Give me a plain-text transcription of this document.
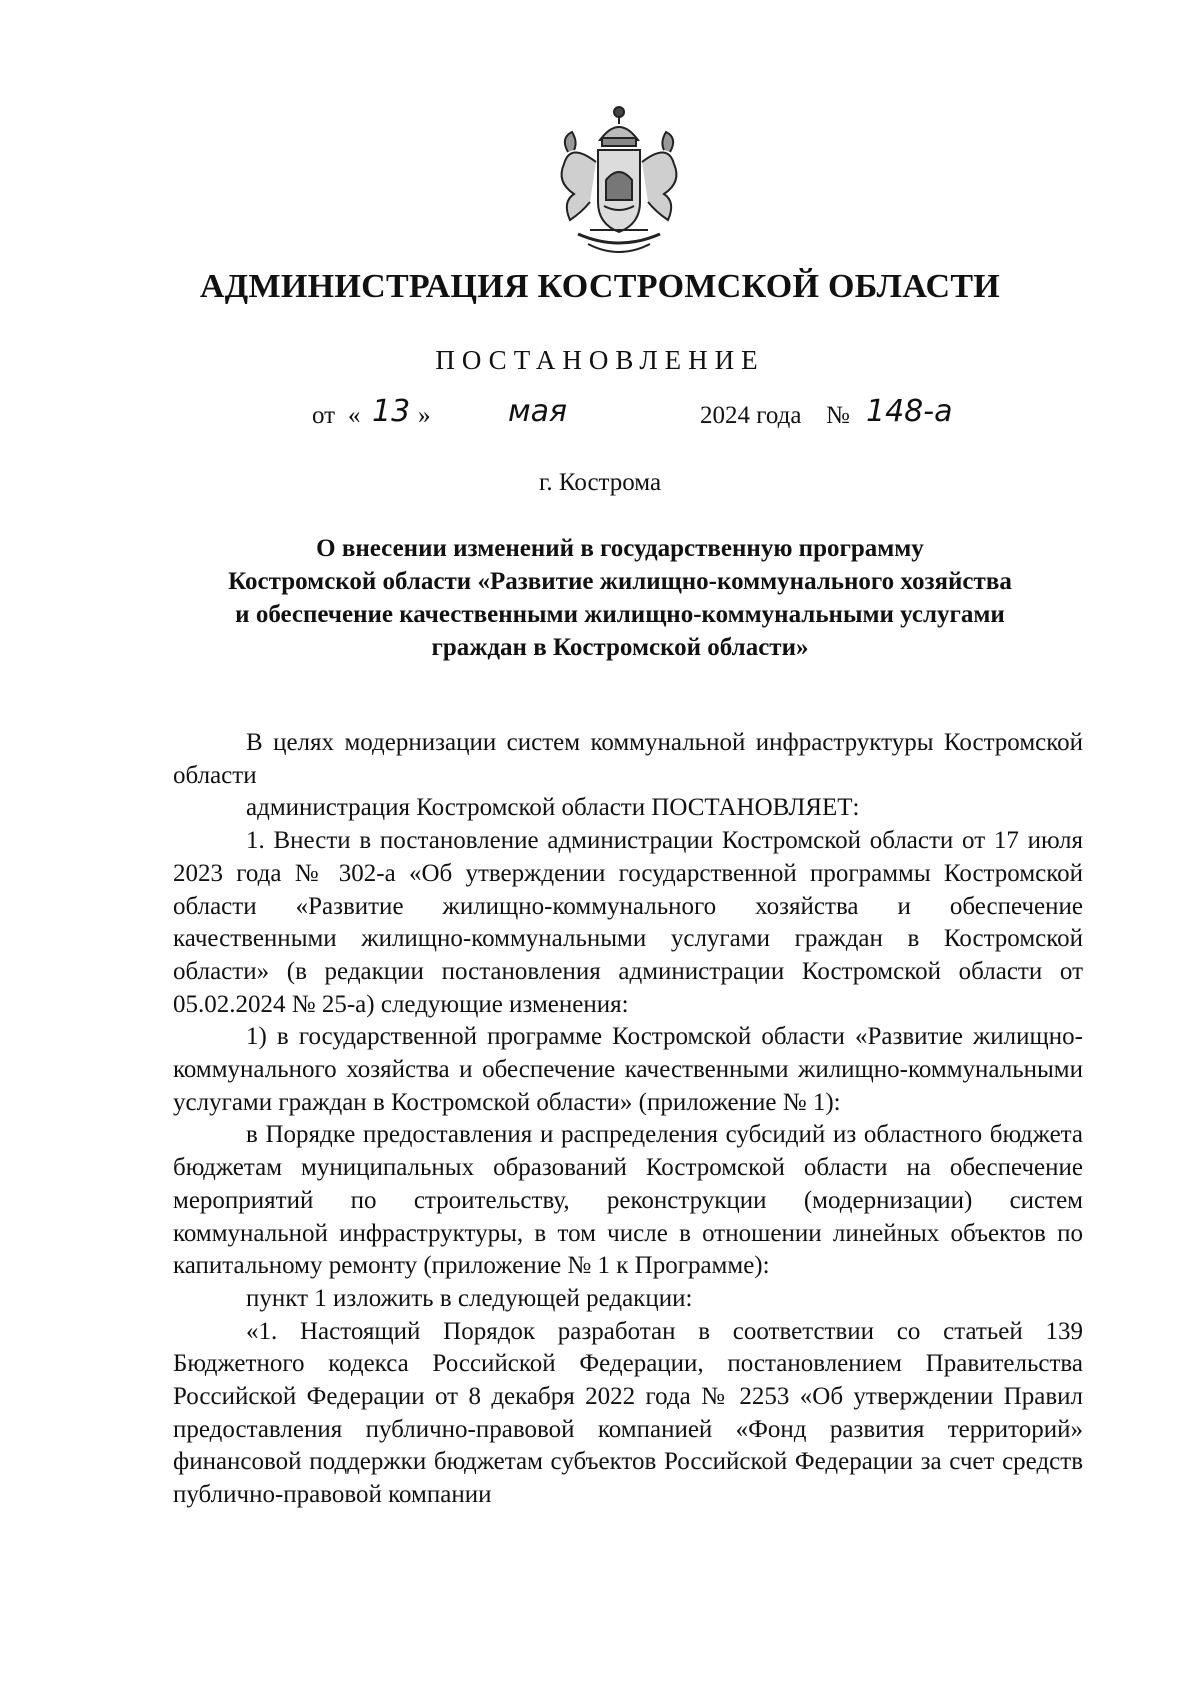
АДМИНИСТРАЦИЯ КОСТРОМСКОЙ ОБЛАСТИ
ПОСТАНОВЛЕНИЕ
от « 13 »	мая	2024 года № 148-а
г. Кострома
О внесении изменений в государственную программу
Костромской области «Развитие жилищно-коммунального хозяйства
и обеспечение качественными жилищно-коммунальными услугами
граждан в Костромской области»

В целях модернизации систем коммунальной инфраструктуры Костромской области

администрация Костромской области ПОСТАНОВЛЯЕТ:

1. Внести в постановление администрации Костромской области от 17 июля 2023 года № 302-а «Об утверждении государственной программы Костромской области «Развитие жилищно-коммунального хозяйства и обеспечение качественными жилищно-коммунальными услугами граждан в Костромской области» (в редакции постановления администрации Костромской области от 05.02.2024 № 25-а) следующие изменения:

1) в государственной программе Костромской области «Развитие жилищно-коммунального хозяйства и обеспечение качественными жилищно-коммунальными услугами граждан в Костромской области» (приложение № 1):

в Порядке предоставления и распределения субсидий из областного бюджета бюджетам муниципальных образований Костромской области на обеспечение мероприятий по строительству, реконструкции (модернизации) систем коммунальной инфраструктуры, в том числе в отношении линейных объектов по капитальному ремонту (приложение № 1 к Программе):

пункт 1 изложить в следующей редакции:

«1. Настоящий Порядок разработан в соответствии со статьей 139 Бюджетного кодекса Российской Федерации, постановлением Правительства Российской Федерации от 8 декабря 2022 года № 2253 «Об утверждении Правил предоставления публично-правовой компанией «Фонд развития территорий» финансовой поддержки бюджетам субъектов Российской Федерации за счет средств публично-правовой компании
